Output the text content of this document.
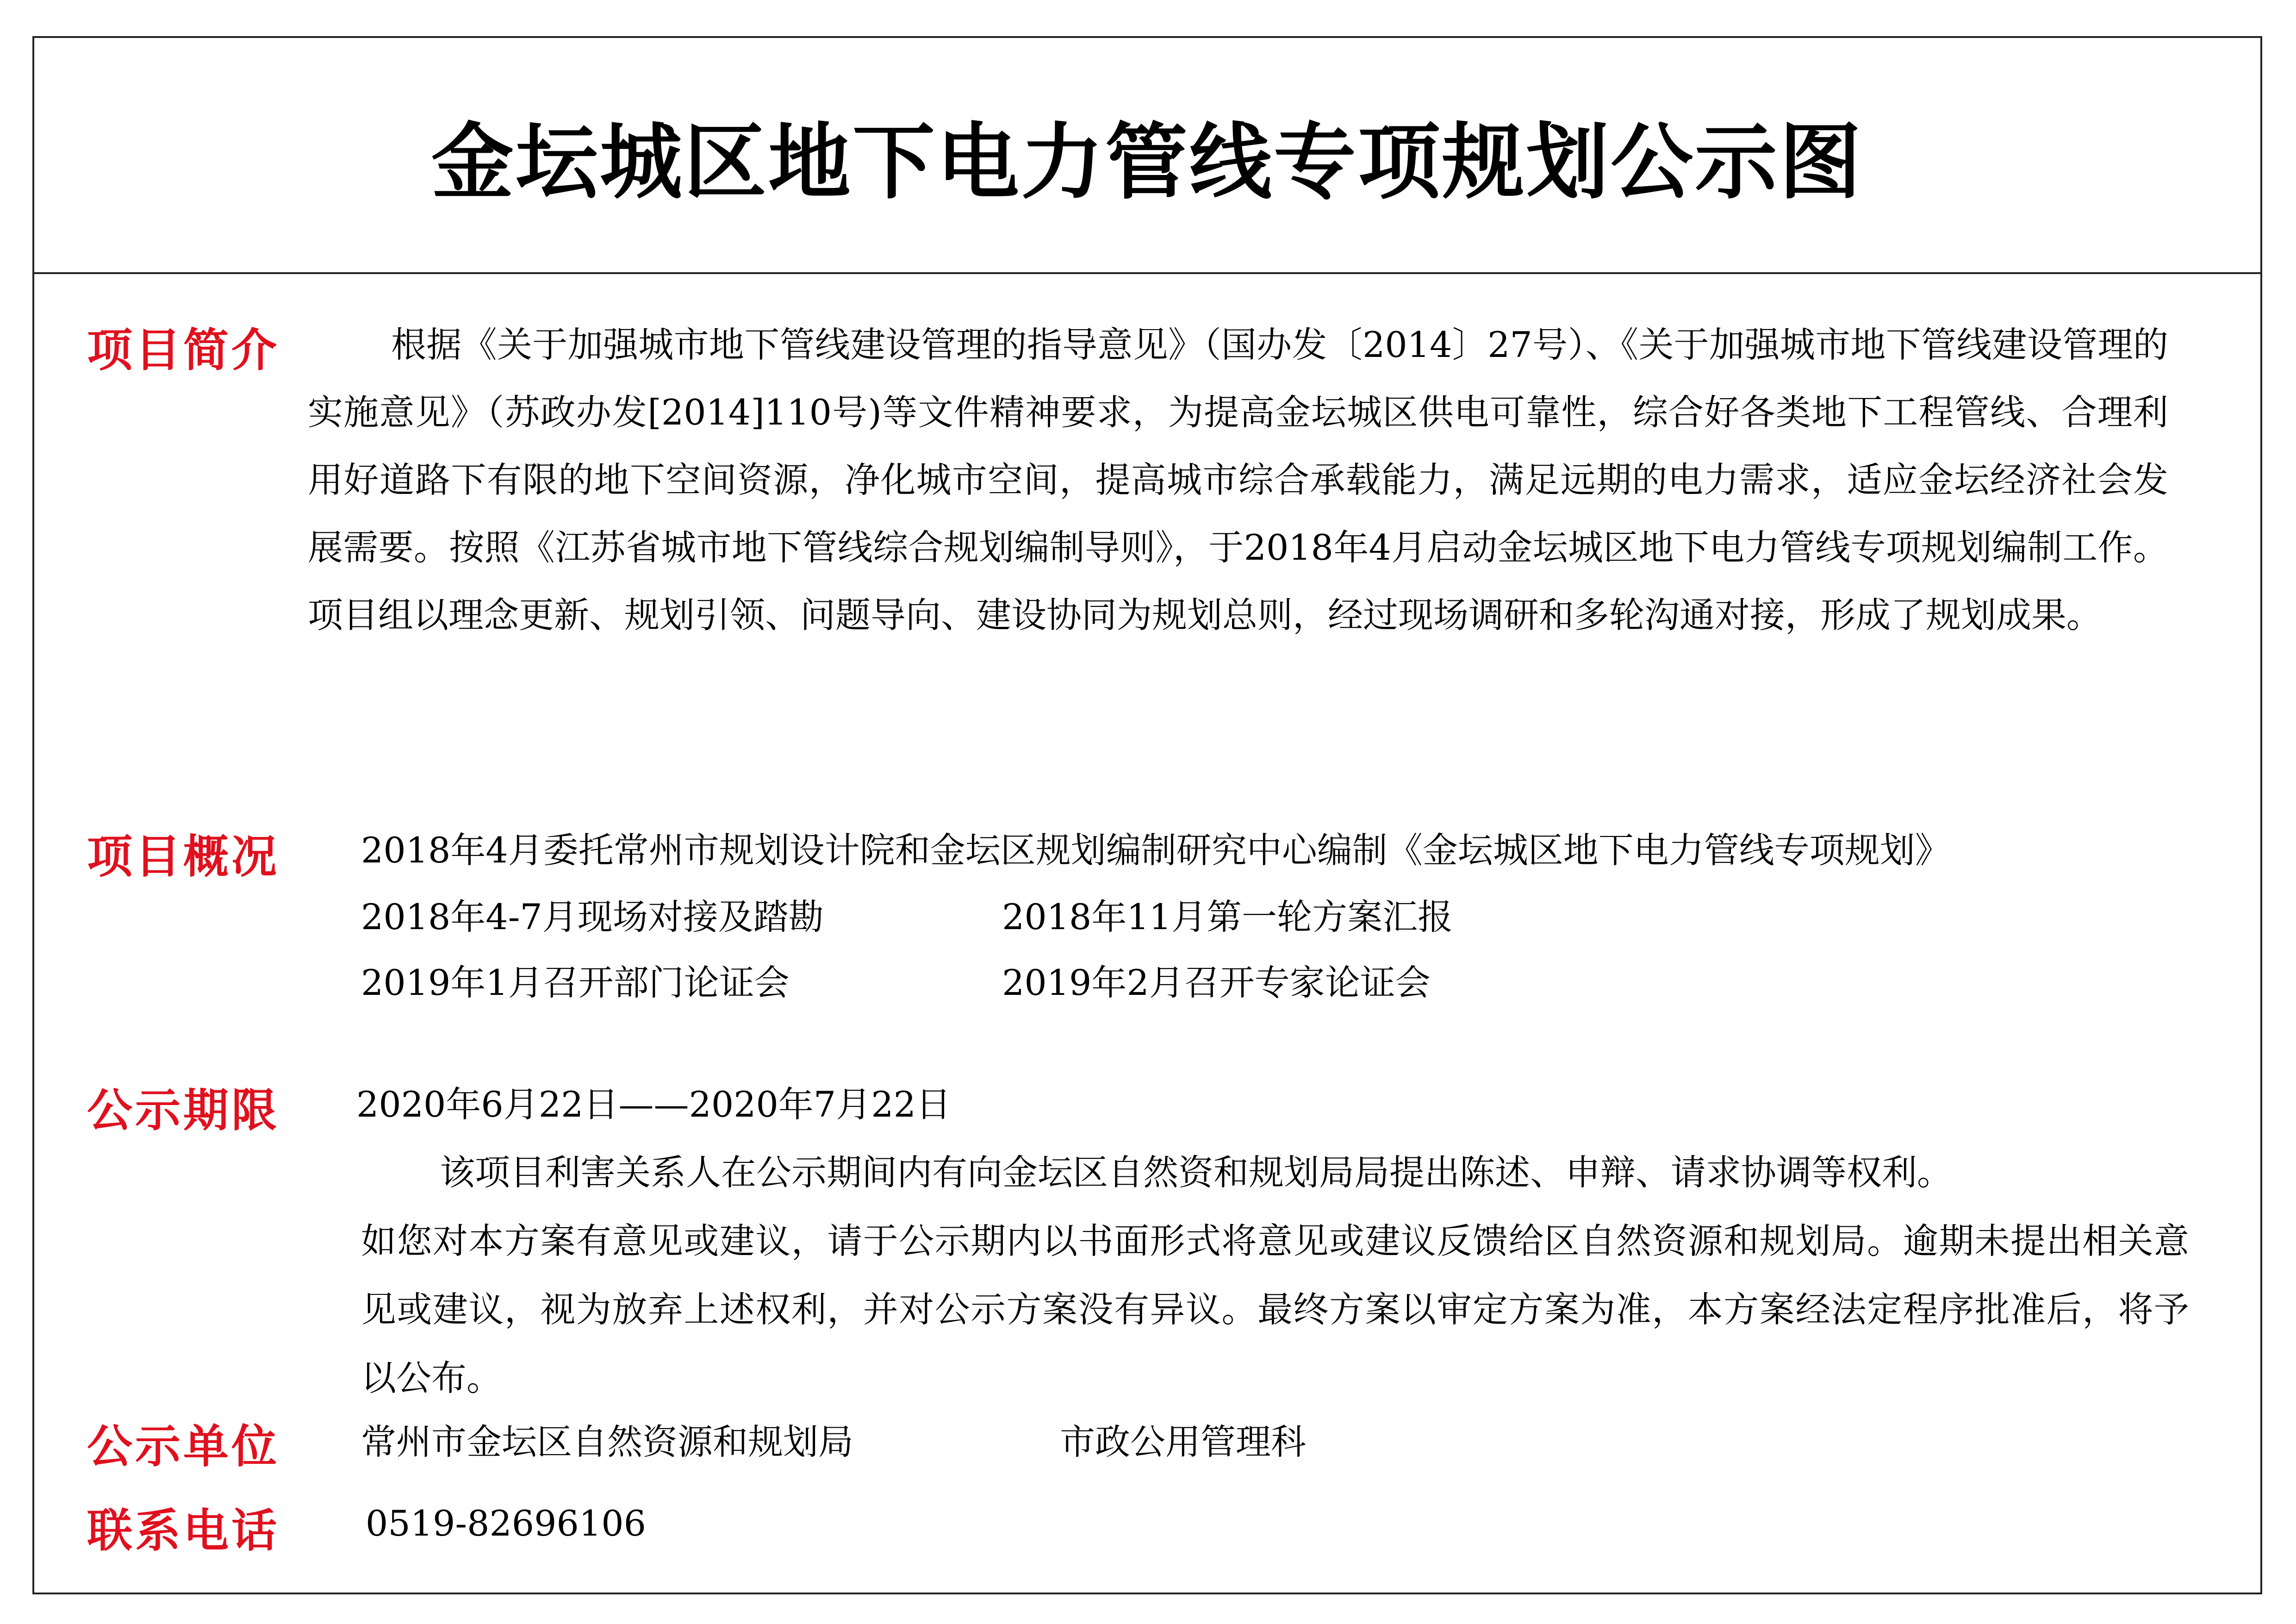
金坛城区地下电力管线专项规划公示图
项目简介	根据《关于加强城市地下管线建设管理的指导意见》（国办发〔2014〕27号）、《关于加强城市地下管线建设管理的实施意见》（苏政办发[2014]110号)等文件精神要求，为提高金坛城区供电可靠性，综合好各类地下工程管线、合理利用好道路下有限的地下空间资源，净化城市空间，提高城市综合承载能力，满足远期的电力需求，适应金坛经济社会发展需要。按照《江苏省城市地下管线综合规划编制导则》，于2018年4月启动金坛城区地下电力管线专项规划编制工作。项目组以理念更新、规划引领、问题导向、建设协同为规划总则，经过现场调研和多轮沟通对接，形成了规划成果。
项目概况 2018年4月委托常州市规划设计院和金坛区规划编制研究中心编制《金坛城区地下电力管线专项规划》
2018年4-7月现场对接及踏勘	2018年11月第一轮方案汇报
2019年1月召开部门论证会	2019年2月召开专家论证会
公示期限 2020年6月22日——2020年7月22日
该项目利害关系人在公示期间内有向金坛区自然资和规划局局提出陈述、申辩、请求协调等权利。
如您对本方案有意见或建议，请于公示期内以书面形式将意见或建议反馈给区自然资源和规划局。逾期未提出相关意见或建议，视为放弃上述权利，并对公示方案没有异议。最终方案以审定方案为准，本方案经法定程序批准后，将予以公布。
公示单位 常州市金坛区自然资源和规划局	市政公用管理科
联系电话 0519-82696106
